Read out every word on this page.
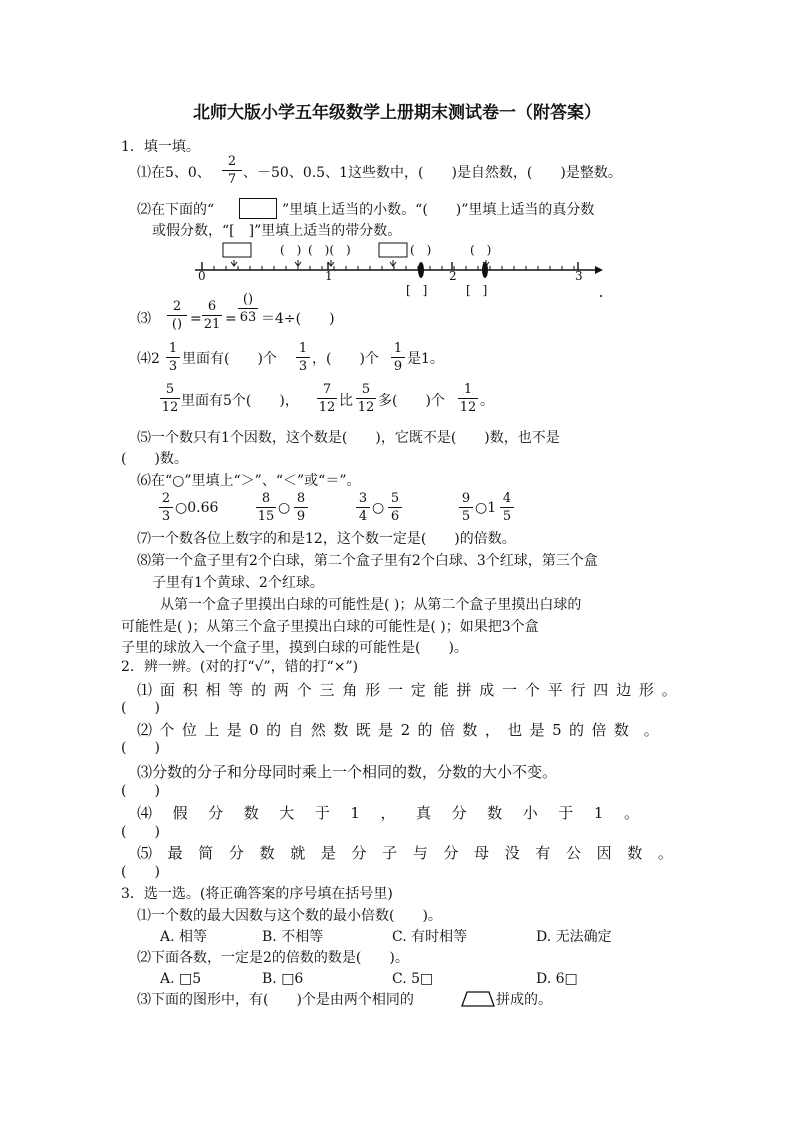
北师大版小学五年级数学上册期末测试卷一（附答案）
1．填一填。
⑴在5、0、
2
7 、－50、0.5、1这些数中，(　　)是自然数，(　　)是整数。
⑵在下面的“	”里填上适当的小数。“(　　)”里填上适当的真分数
或假分数，“[　]”里填上适当的带分数。
0	1	2	3
(　) (　)(　)	(　)	(　)
[　]	[　]
⑶
2
() =
6
21 =
()
63 ＝4÷(　　)
⑷2
1
3 里面有(　　)个
1
3 ，(　　)个
1
9 是1。
5
12 里面有5个(　　)，
7
12 比
5
12 多(　　)个
1
12 。
⑸一个数只有1个因数，这个数是(　　)，它既不是(　　)数，也不是
(　　)数。
⑹在“○”里填上“＞”、“＜”或“＝”。
2
3
○0.66
8
15
○
8
9
3
4
○
5
6
9
5
○1
4
5
⑺一个数各位上数字的和是12，这个数一定是(　　)的倍数。
⑻第一个盒子里有2个白球，第二个盒子里有2个白球、3个红球，第三个盒
子里有1个黄球、2个红球。
从第一个盒子里摸出白球的可能性是( )；从第二个盒子里摸出白球的
可能性是( )；从第三个盒子里摸出白球的可能性是( )；如果把3个盒
子里的球放入一个盒子里，摸到白球的可能性是(　　)。
2．辨一辨。(对的打“√”，错的打“×”)
⑴ 面 积 相 等 的 两 个 三 角 形 一 定 能 拼 成 一 个 平 行 四 边 形 。
(　　)
⑵ 个 位 上 是 0 的 自 然 数 既 是 2 的 倍 数 ， 也 是 5 的 倍 数 。
(　　)
⑶分数的分子和分母同时乘上一个相同的数，分数的大小不变。
(　　)
⑷ 假 分 数 大 于 1 ， 真 分 数 小 于 1 。
(　　)
⑸ 最 简 分 数 就 是 分 子 与 分 母 没 有 公 因 数 。
(　　)
3．选一选。(将正确答案的序号填在括号里)
⑴一个数的最大因数与这个数的最小倍数(　　)。
A. 相等	B. 不相等	C. 有时相等	D. 无法确定
⑵下面各数，一定是2的倍数的数是(　　)。
A. □5	B. □6	C. 5□	D. 6□
⑶下面的图形中，有(　　)个是由两个相同的	拼成的。
